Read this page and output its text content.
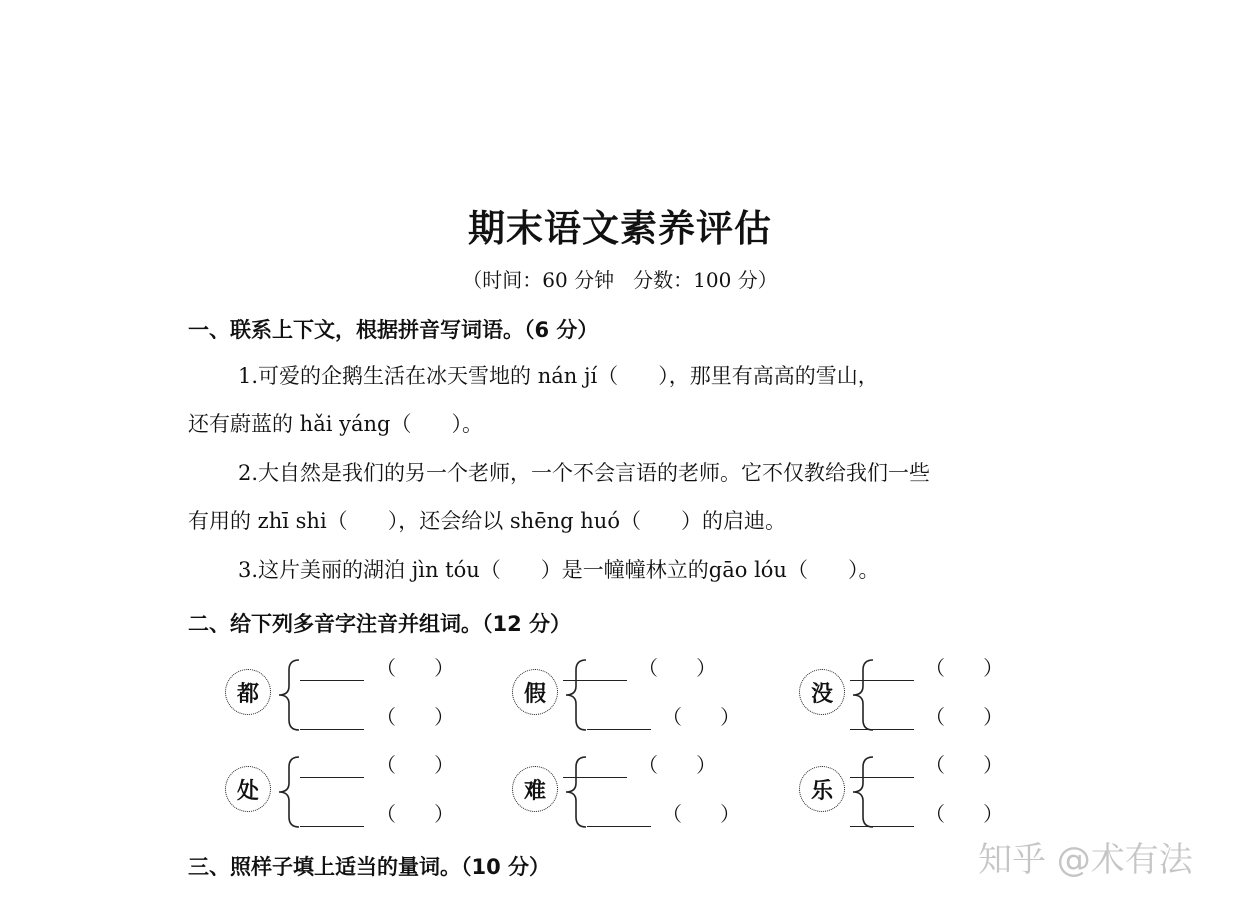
期末语文素养评估
（时间：60 分钟   分数：100 分）
一、联系上下文，根据拼音写词语。（6 分）
1.可爱的企鹅生活在冰天雪地的 nán jí（      ），那里有高高的雪山，
还有蔚蓝的 hǎi yáng（      ）。
2.大自然是我们的另一个老师，一个不会言语的老师。它不仅教给我们一些
有用的 zhī shi（      ），还会给以 shēng huó（      ）的启迪。
3.这片美丽的湖泊 jìn tóu（      ）是一幢幢林立的gāo lóu（      ）。
二、给下列多音字注音并组词。（12 分）
都
（      ）
（      ）
假
（      ）
（      ）
没
（      ）
（      ）
处
（      ）
（      ）
难
（      ）
（      ）
乐
（      ）
（      ）
三、照样子填上适当的量词。（10 分）	知乎 @术有法
